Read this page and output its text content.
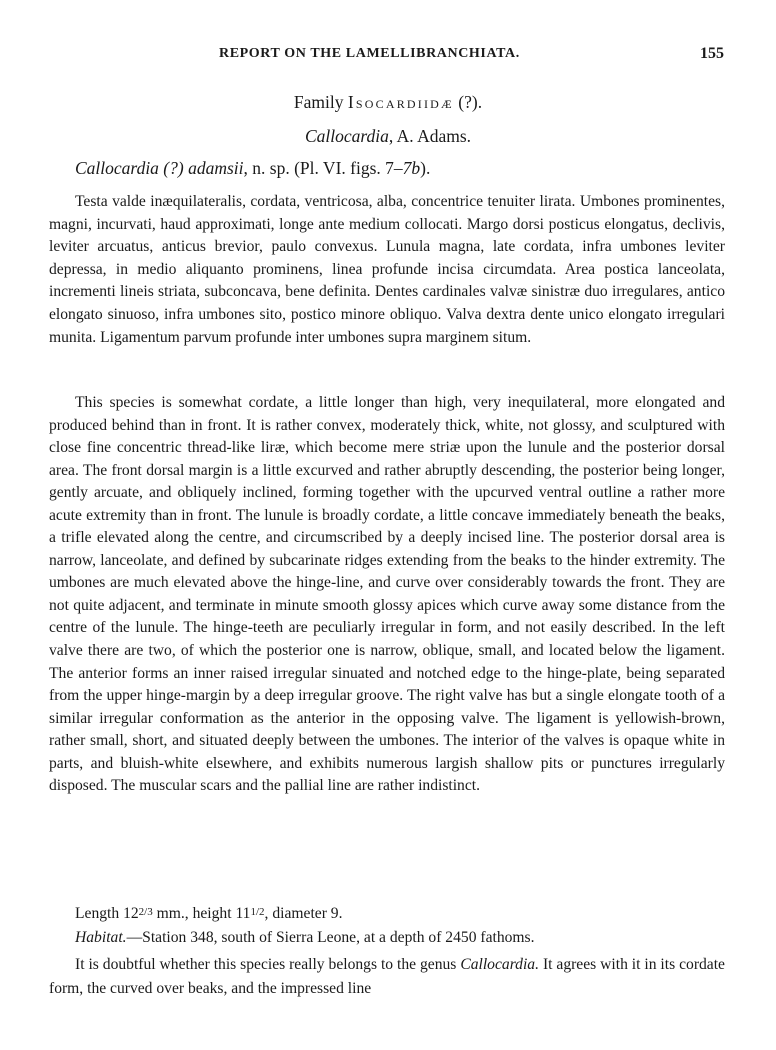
REPORT ON THE LAMELLIBRANCHIATA.	155
Family Isocardiidæ (?).
Callocardia, A. Adams.
Callocardia (?) adamsii, n. sp. (Pl. VI. figs. 7–7b).

Testa valde inæquilateralis, cordata, ventricosa, alba, concentrice tenuiter lirata. Umbones prominentes, magni, incurvati, haud approximati, longe ante medium collocati. Margo dorsi posticus elongatus, declivis, leviter arcuatus, anticus brevior, paulo convexus. Lunula magna, late cordata, infra umbones leviter depressa, in medio aliquanto prominens, linea profunde incisa circumdata. Area postica lanceolata, incrementi lineis striata, subconcava, bene definita. Dentes cardinales valvæ sinistræ duo irregulares, antico elongato sinuoso, infra umbones sito, postico minore obliquo. Valva dextra dente unico elongato irregulari munita. Ligamentum parvum profunde inter umbones supra marginem situm.

This species is somewhat cordate, a little longer than high, very inequilateral, more elongated and produced behind than in front. It is rather convex, moderately thick, white, not glossy, and sculptured with close fine concentric thread-like liræ, which become mere striæ upon the lunule and the posterior dorsal area. The front dorsal margin is a little excurved and rather abruptly descending, the posterior being longer, gently arcuate, and obliquely inclined, forming together with the upcurved ventral outline a rather more acute extremity than in front. The lunule is broadly cordate, a little concave immediately beneath the beaks, a trifle elevated along the centre, and circumscribed by a deeply incised line. The posterior dorsal area is narrow, lanceolate, and defined by subcarinate ridges extending from the beaks to the hinder extremity. The umbones are much elevated above the hinge-line, and curve over considerably towards the front. They are not quite adjacent, and terminate in minute smooth glossy apices which curve away some distance from the centre of the lunule. The hinge-teeth are peculiarly irregular in form, and not easily described. In the left valve there are two, of which the posterior one is narrow, oblique, small, and located below the ligament. The anterior forms an inner raised irregular sinuated and notched edge to the hinge-plate, being separated from the upper hinge-margin by a deep irregular groove. The right valve has but a single elongate tooth of a similar irregular conformation as the anterior in the opposing valve. The ligament is yellowish-brown, rather small, short, and situated deeply between the umbones. The interior of the valves is opaque white in parts, and bluish-white elsewhere, and exhibits numerous largish shallow pits or punctures irregularly disposed. The muscular scars and the pallial line are rather indistinct.

Length 122/3 mm., height 111/2, diameter 9.
Habitat.—Station 348, south of Sierra Leone, at a depth of 2450 fathoms.

It is doubtful whether this species really belongs to the genus Callocardia. It agrees with it in its cordate form, the curved over beaks, and the impressed line
